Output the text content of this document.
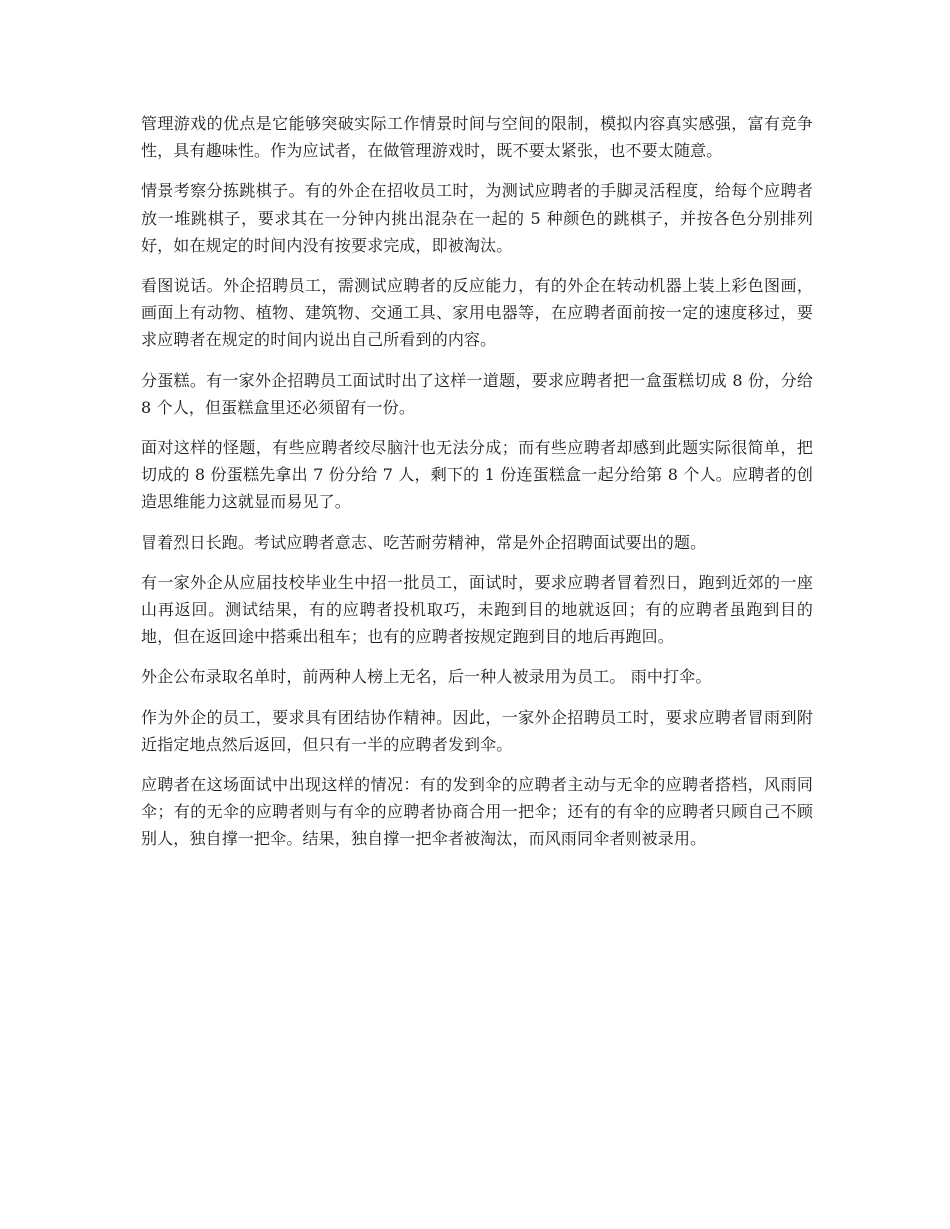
管理游戏的优点是它能够突破实际工作情景时间与空间的限制，模拟内容真实感强，富有竞争性，具有趣味性。作为应试者，在做管理游戏时，既不要太紧张，也不要太随意。

情景考察分拣跳棋子。有的外企在招收员工时，为测试应聘者的手脚灵活程度，给每个应聘者放一堆跳棋子，要求其在一分钟内挑出混杂在一起的 5 种颜色的跳棋子，并按各色分别排列好，如在规定的时间内没有按要求完成，即被淘汰。

看图说话。外企招聘员工，需测试应聘者的反应能力，有的外企在转动机器上装上彩色图画，画面上有动物、植物、建筑物、交通工具、家用电器等，在应聘者面前按一定的速度移过，要求应聘者在规定的时间内说出自己所看到的内容。

分蛋糕。有一家外企招聘员工面试时出了这样一道题，要求应聘者把一盒蛋糕切成 8 份，分给 8 个人，但蛋糕盒里还必须留有一份。

面对这样的怪题，有些应聘者绞尽脑汁也无法分成；而有些应聘者却感到此题实际很简单，把切成的 8 份蛋糕先拿出 7 份分给 7 人，剩下的 1 份连蛋糕盒一起分给第 8 个人。应聘者的创造思维能力这就显而易见了。

冒着烈日长跑。考试应聘者意志、吃苦耐劳精神，常是外企招聘面试要出的题。

有一家外企从应届技校毕业生中招一批员工，面试时，要求应聘者冒着烈日，跑到近郊的一座山再返回。测试结果，有的应聘者投机取巧，未跑到目的地就返回；有的应聘者虽跑到目的地，但在返回途中搭乘出租车；也有的应聘者按规定跑到目的地后再跑回。

外企公布录取名单时，前两种人榜上无名，后一种人被录用为员工。 雨中打伞。

作为外企的员工，要求具有团结协作精神。因此，一家外企招聘员工时，要求应聘者冒雨到附近指定地点然后返回，但只有一半的应聘者发到伞。

应聘者在这场面试中出现这样的情况：有的发到伞的应聘者主动与无伞的应聘者搭档，风雨同伞；有的无伞的应聘者则与有伞的应聘者协商合用一把伞；还有的有伞的应聘者只顾自己不顾别人，独自撑一把伞。结果，独自撑一把伞者被淘汰，而风雨同伞者则被录用。
